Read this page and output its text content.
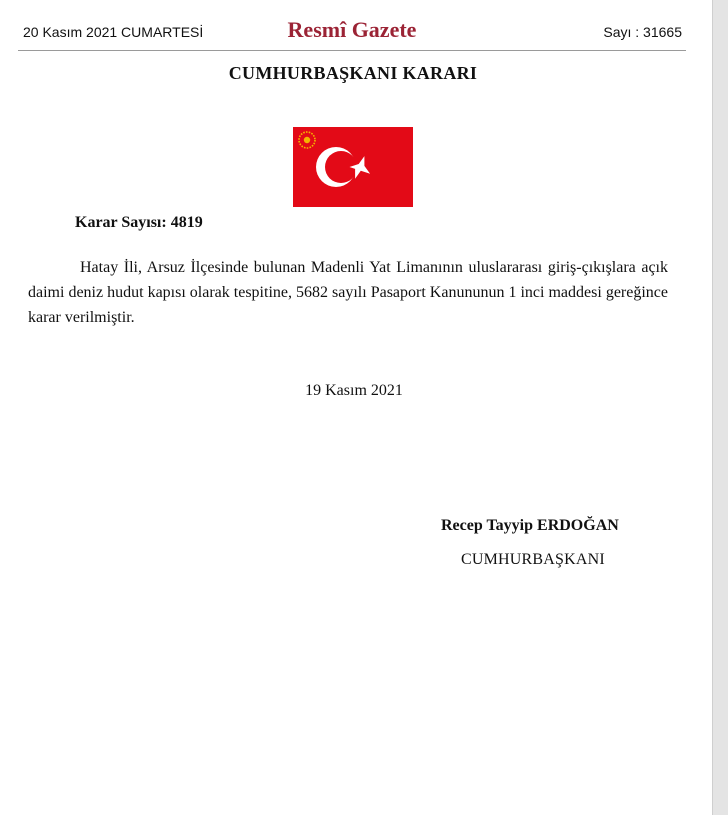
20 Kasım 2021 CUMARTESİ	Resmî Gazete	Sayı : 31665
CUMHURBAŞKANI KARARI
Karar Sayısı: 4819
Hatay İli, Arsuz İlçesinde bulunan Madenli Yat Limanının uluslararası giriş-çıkışlara açık daimi deniz hudut kapısı olarak tespitine, 5682 sayılı Pasaport Kanununun 1 inci maddesi gereğince karar verilmiştir.
19 Kasım 2021
Recep Tayyip ERDOĞAN
CUMHURBAŞKANI
